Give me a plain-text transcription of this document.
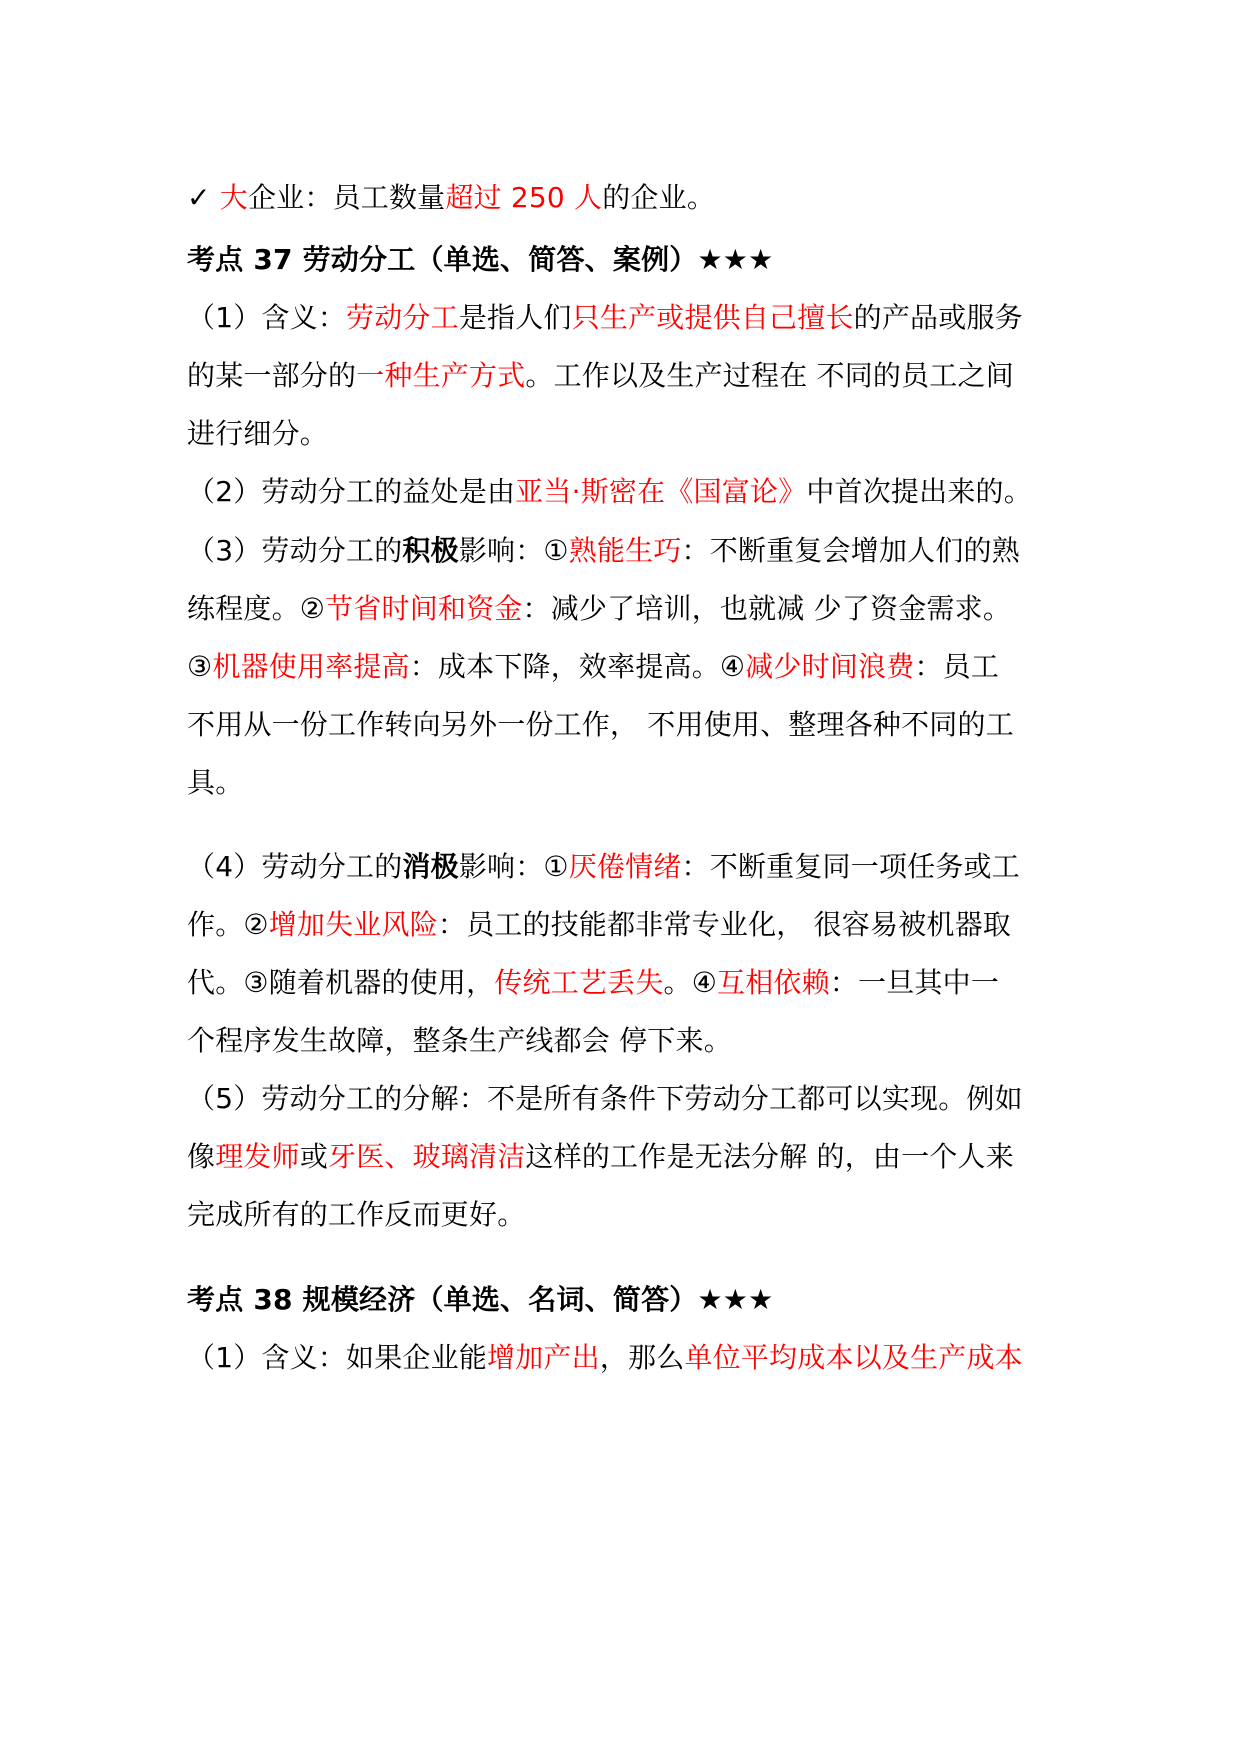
✓ 大企业：员工数量超过 250 人的企业。
考点 37 劳动分工（单选、简答、案例）★★★
（1）含义：劳动分工是指人们只生产或提供自己擅长的产品或服务
的某一部分的一种生产方式。工作以及生产过程在 不同的员工之间
进行细分。
（2）劳动分工的益处是由亚当·斯密在《国富论》中首次提出来的。
（3）劳动分工的积极影响：①熟能生巧：不断重复会增加人们的熟
练程度。②节省时间和资金：减少了培训，也就减 少了资金需求。
③机器使用率提高：成本下降，效率提高。④减少时间浪费：员工
不用从一份工作转向另外一份工作， 不用使用、整理各种不同的工
具。
（4）劳动分工的消极影响：①厌倦情绪：不断重复同一项任务或工
作。②增加失业风险：员工的技能都非常专业化， 很容易被机器取
代。③随着机器的使用，传统工艺丢失。④互相依赖：一旦其中一
个程序发生故障，整条生产线都会 停下来。
（5）劳动分工的分解：不是所有条件下劳动分工都可以实现。例如
像理发师或牙医、玻璃清洁这样的工作是无法分解 的，由一个人来
完成所有的工作反而更好。
考点 38 规模经济（单选、名词、简答）★★★
（1）含义：如果企业能增加产出，那么单位平均成本以及生产成本
